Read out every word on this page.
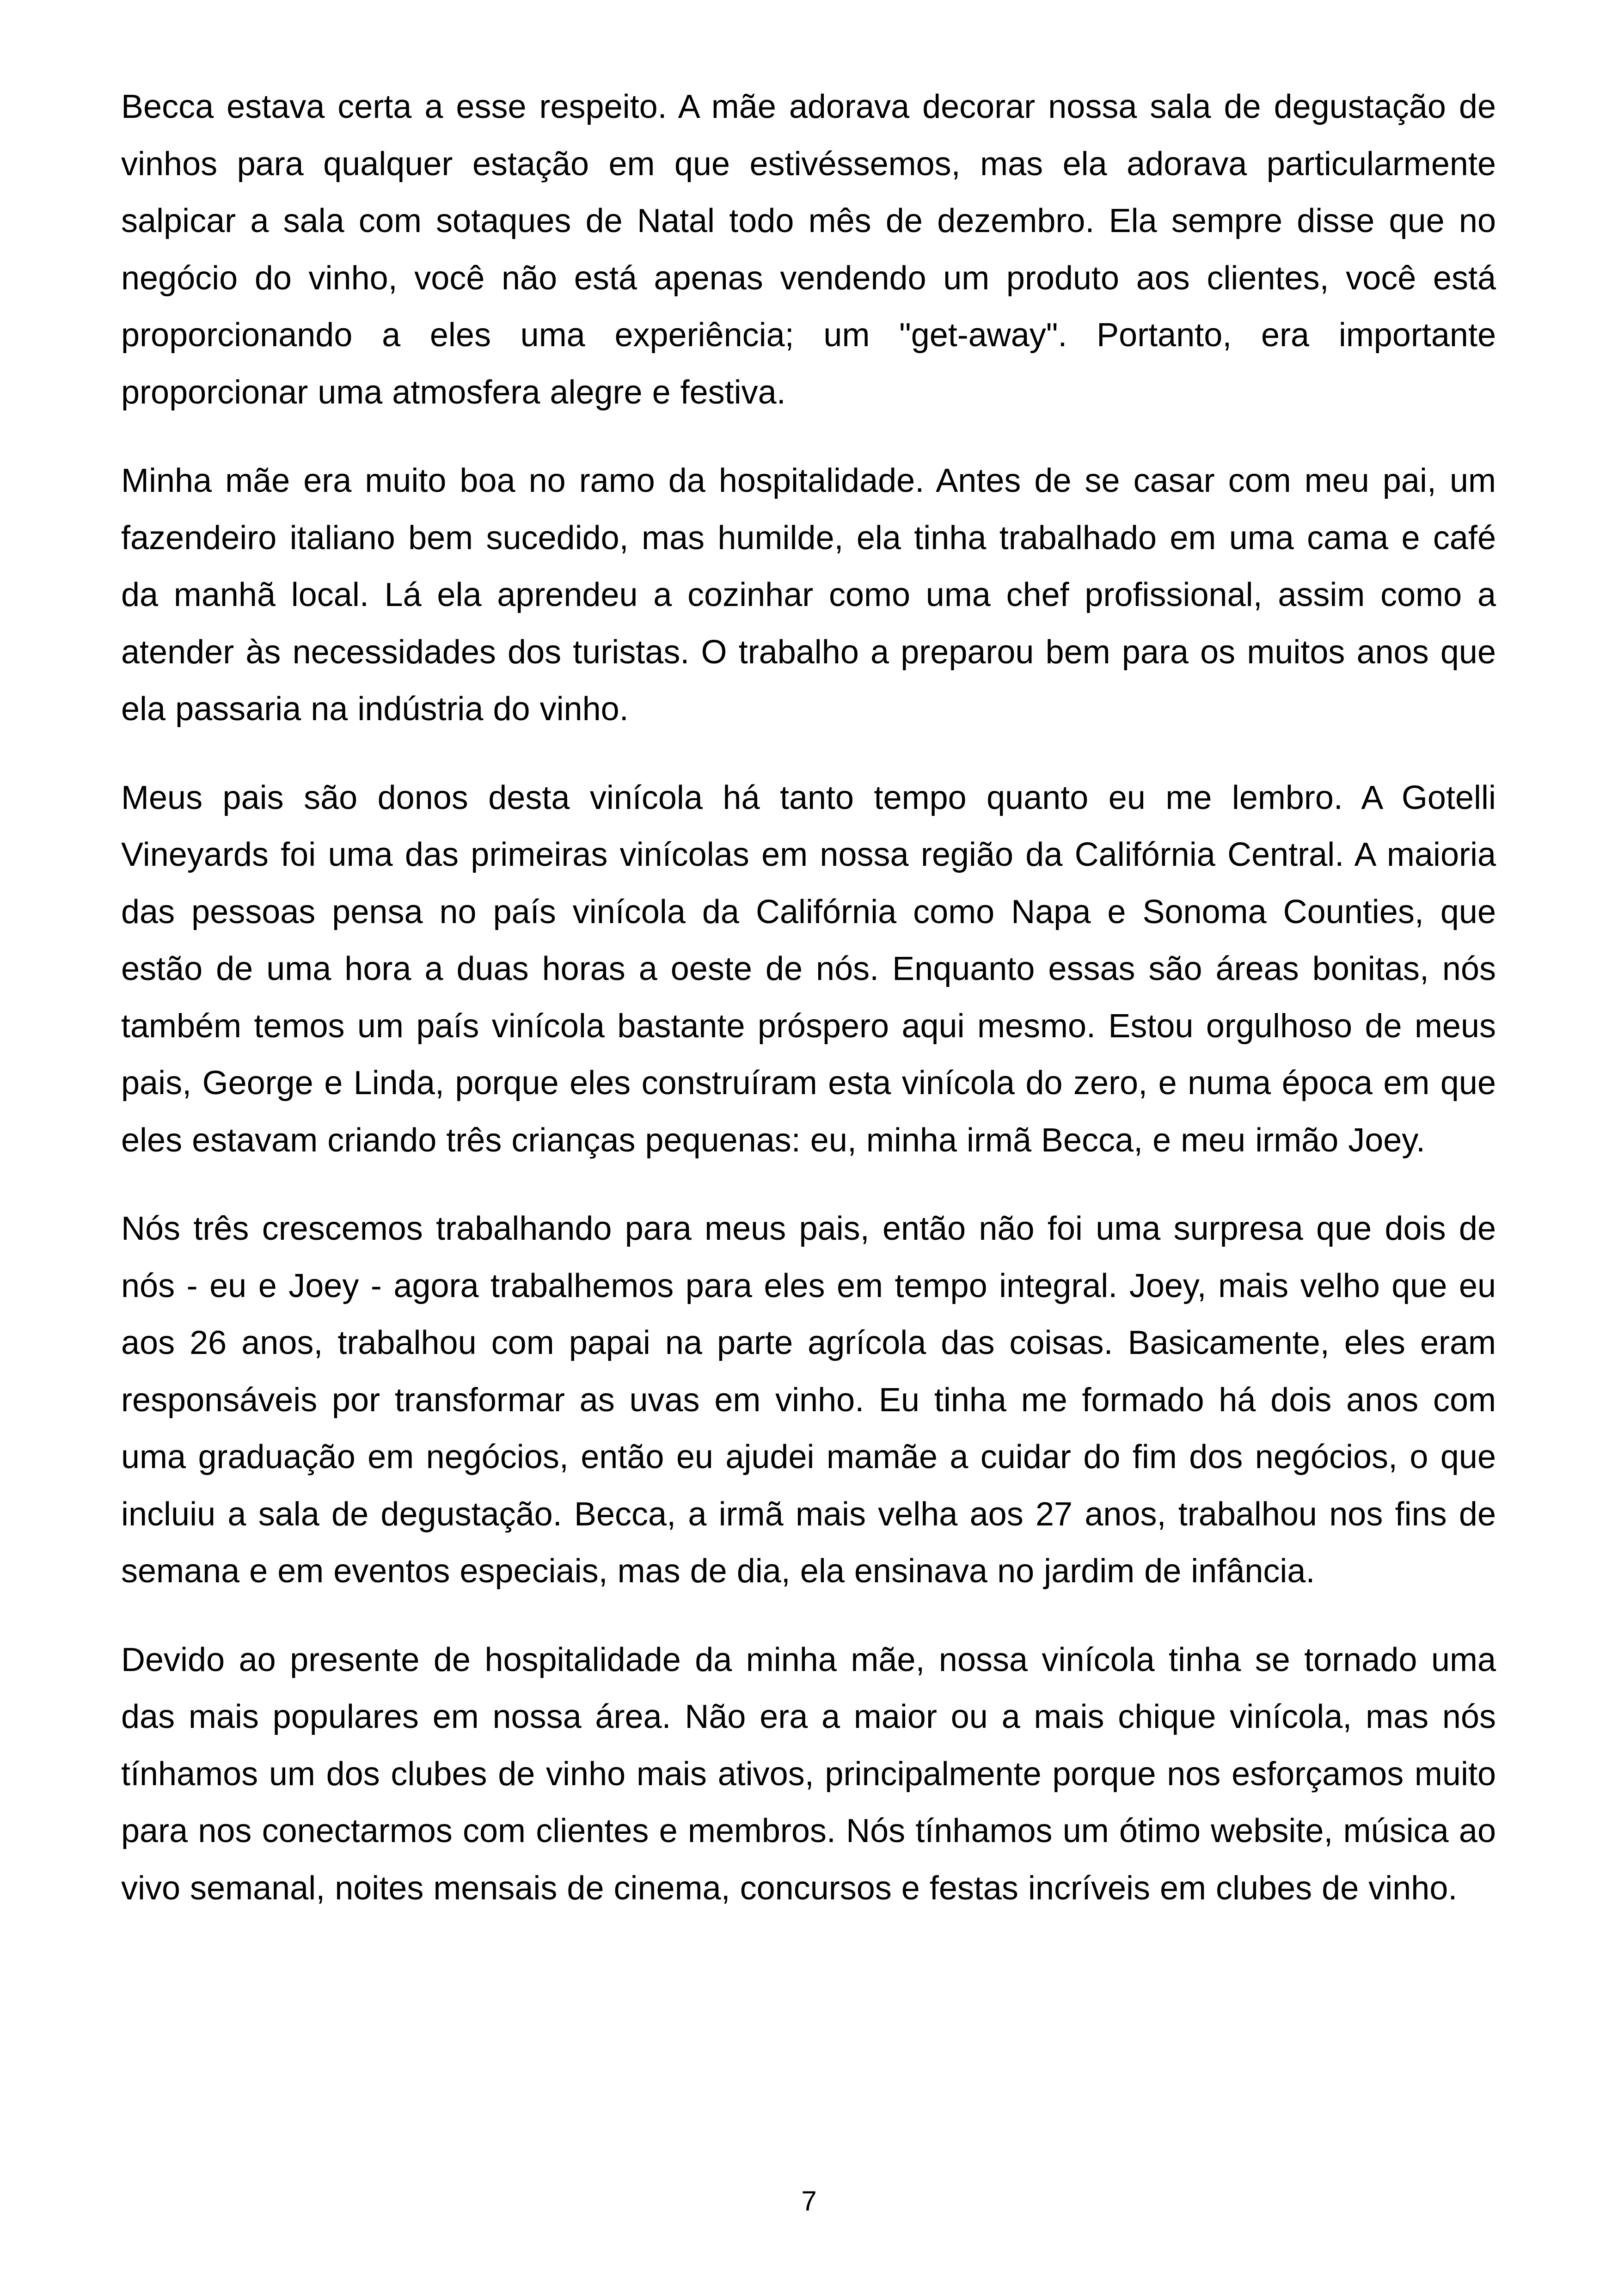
Becca estava certa a esse respeito. A mãe adorava decorar nossa sala de degustação de vinhos para qualquer estação em que estivéssemos, mas ela adorava particularmente salpicar a sala com sotaques de Natal todo mês de dezembro. Ela sempre disse que no negócio do vinho, você não está apenas vendendo um produto aos clientes, você está proporcionando a eles uma experiência; um "get-away". Portanto, era importante proporcionar uma atmosfera alegre e festiva.

Minha mãe era muito boa no ramo da hospitalidade. Antes de se casar com meu pai, um fazendeiro italiano bem sucedido, mas humilde, ela tinha trabalhado em uma cama e café da manhã local. Lá ela aprendeu a cozinhar como uma chef profissional, assim como a atender às necessidades dos turistas. O trabalho a preparou bem para os muitos anos que ela passaria na indústria do vinho.

Meus pais são donos desta vinícola há tanto tempo quanto eu me lembro. A Gotelli Vineyards foi uma das primeiras vinícolas em nossa região da Califórnia Central. A maioria das pessoas pensa no país vinícola da Califórnia como Napa e Sonoma Counties, que estão de uma hora a duas horas a oeste de nós. Enquanto essas são áreas bonitas, nós também temos um país vinícola bastante próspero aqui mesmo. Estou orgulhoso de meus pais, George e Linda, porque eles construíram esta vinícola do zero, e numa época em que eles estavam criando três crianças pequenas: eu, minha irmã Becca, e meu irmão Joey.

Nós três crescemos trabalhando para meus pais, então não foi uma surpresa que dois de nós - eu e Joey - agora trabalhemos para eles em tempo integral. Joey, mais velho que eu aos 26 anos, trabalhou com papai na parte agrícola das coisas. Basicamente, eles eram responsáveis por transformar as uvas em vinho. Eu tinha me formado há dois anos com uma graduação em negócios, então eu ajudei mamãe a cuidar do fim dos negócios, o que incluiu a sala de degustação. Becca, a irmã mais velha aos 27 anos, trabalhou nos fins de semana e em eventos especiais, mas de dia, ela ensinava no jardim de infância.

Devido ao presente de hospitalidade da minha mãe, nossa vinícola tinha se tornado uma das mais populares em nossa área. Não era a maior ou a mais chique vinícola, mas nós tínhamos um dos clubes de vinho mais ativos, principalmente porque nos esforçamos muito para nos conectarmos com clientes e membros. Nós tínhamos um ótimo website, música ao vivo semanal, noites mensais de cinema, concursos e festas incríveis em clubes de vinho.

7
